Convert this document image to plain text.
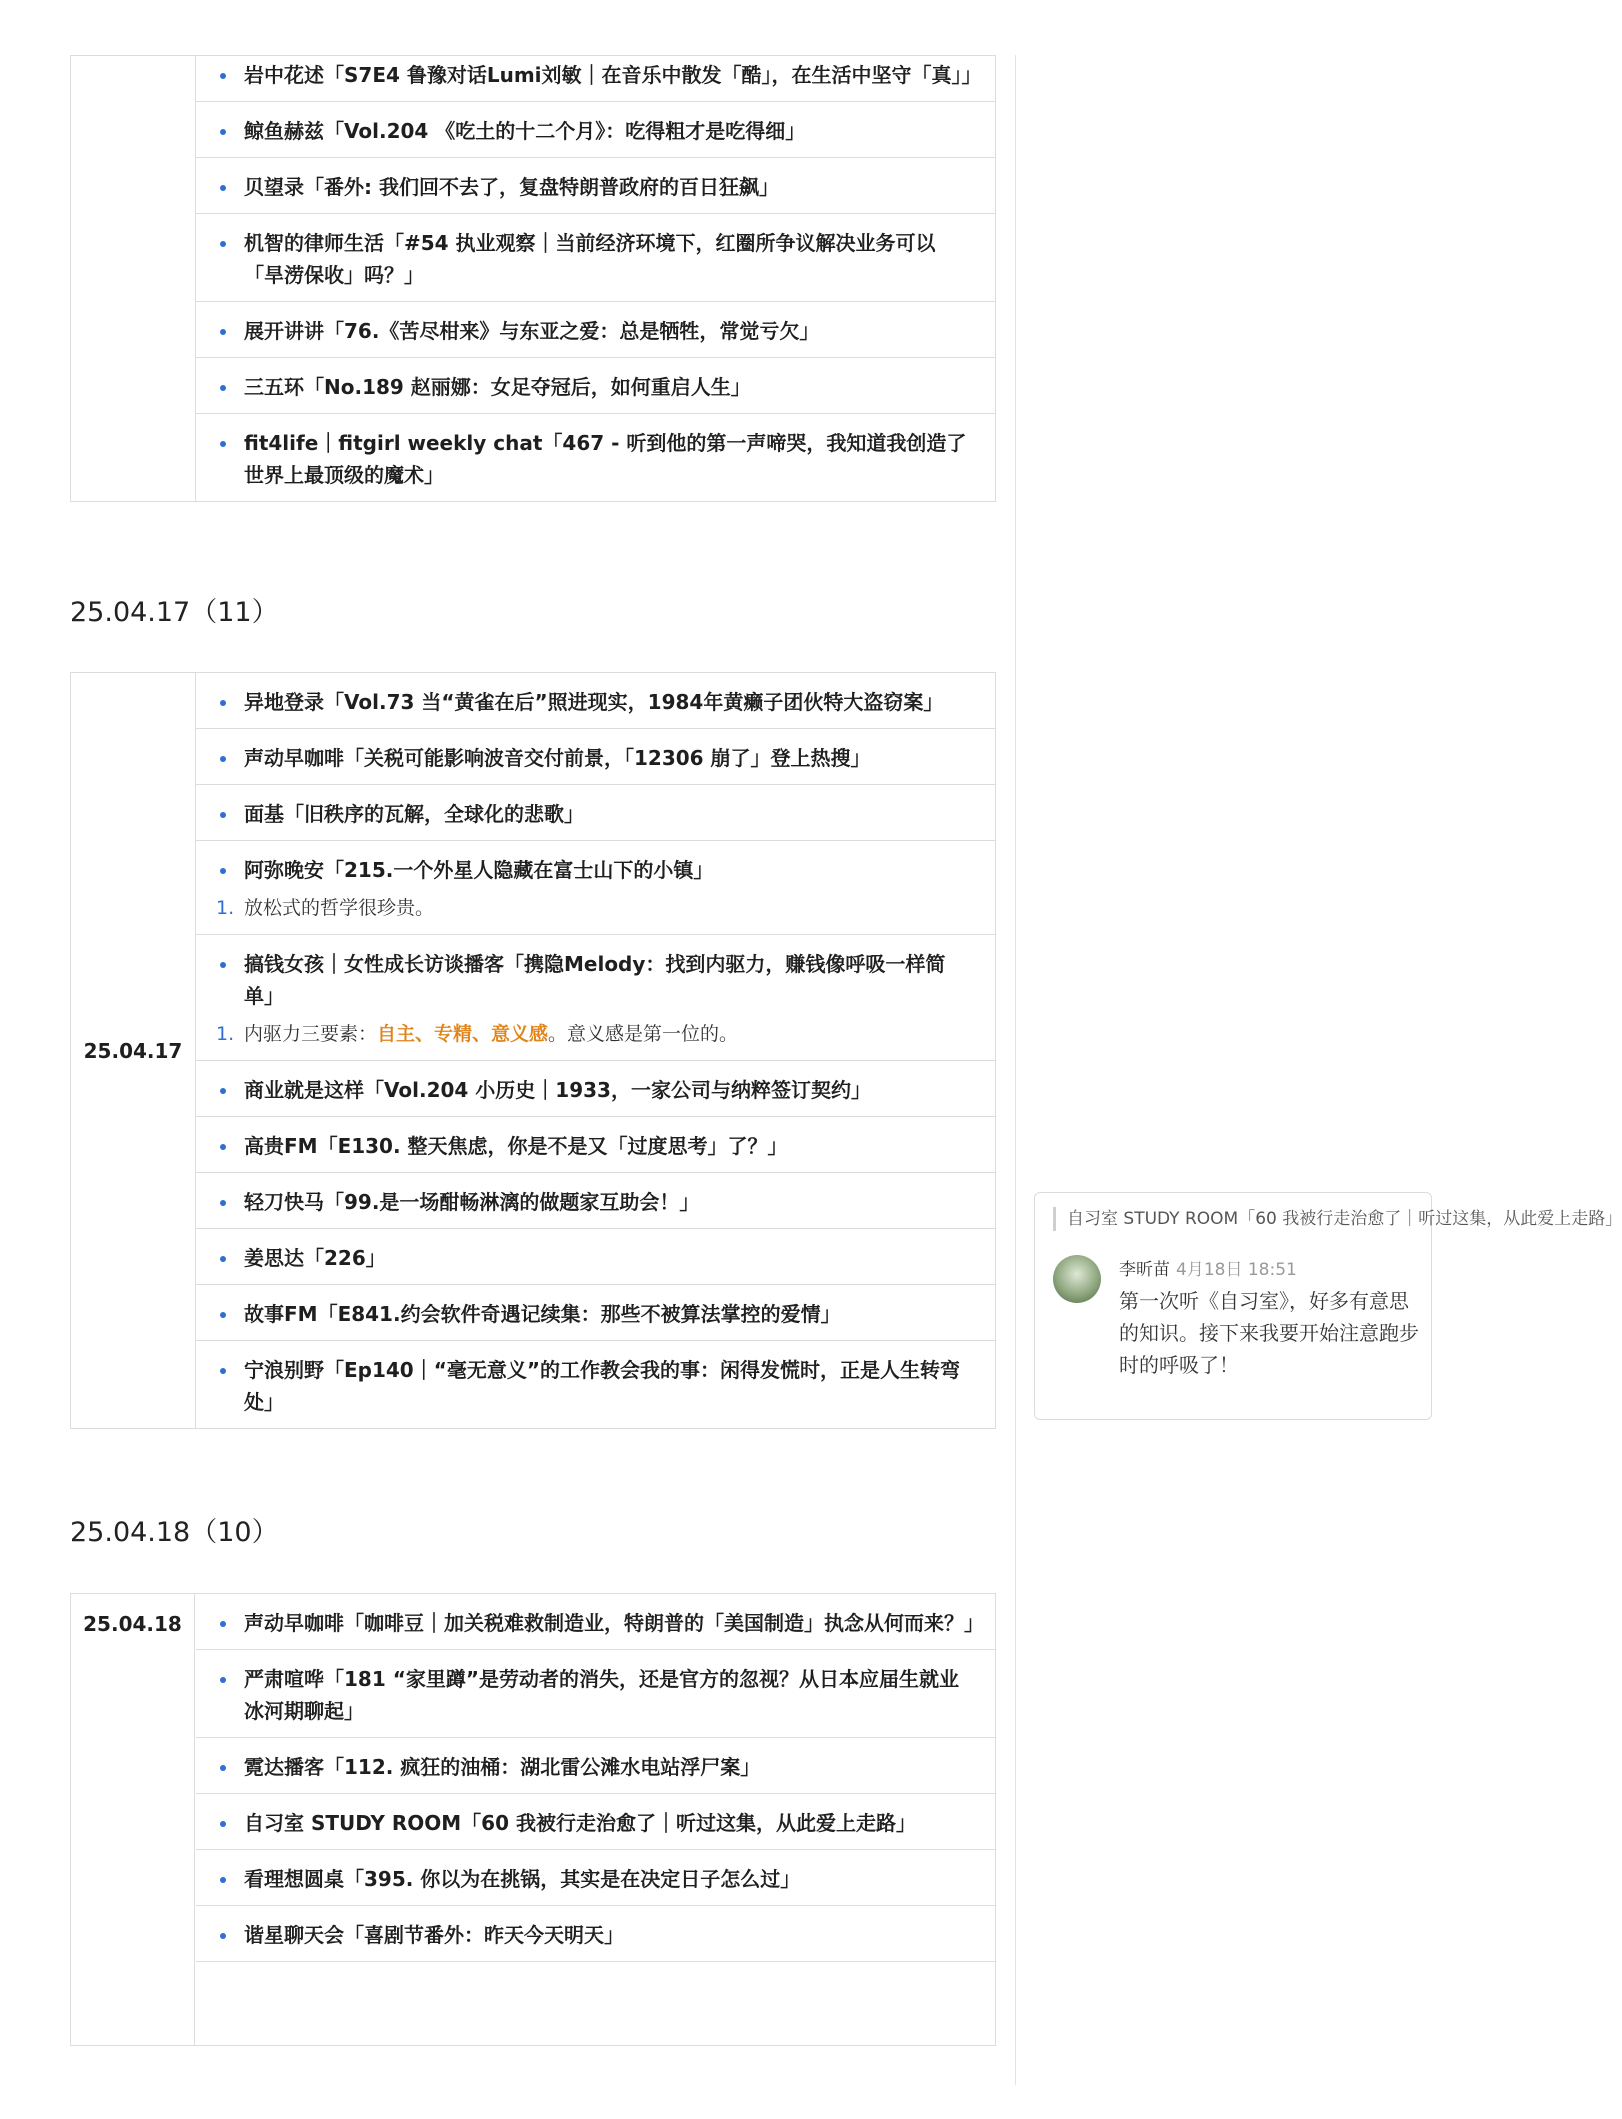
岩中花述「S7E4 鲁豫对话Lumi刘敏｜在音乐中散发「酷」，在生活中坚守「真」」
鲸鱼赫兹「Vol.204 《吃土的十二个月》：吃得粗才是吃得细」
贝望录「番外: 我们回不去了，复盘特朗普政府的百日狂飙」
机智的律师生活「#54 执业观察｜当前经济环境下，红圈所争议解决业务可以「旱涝保收」吗？」
展开讲讲「76.《苦尽柑来》与东亚之爱：总是牺牲，常觉亏欠」
三五环「No.189 赵丽娜：女足夺冠后，如何重启人生」
fit4life｜fitgirl weekly chat「467 - 听到他的第一声啼哭，我知道我创造了世界上最顶级的魔术」
25.04.17（11）
25.04.17
异地登录「Vol.73 当“黄雀在后”照进现实，1984年黄癞子团伙特大盗窃案」
声动早咖啡「关税可能影响波音交付前景，「12306 崩了」登上热搜」
面基「旧秩序的瓦解，全球化的悲歌」
阿弥晚安「215.一个外星人隐藏在富士山下的小镇」
1. 放松式的哲学很珍贵。
搞钱女孩｜女性成长访谈播客「携隐Melody：找到内驱力，赚钱像呼吸一样简单」
1. 内驱力三要素：自主、专精、意义感。意义感是第一位的。
商业就是这样「Vol.204 小历史｜1933，一家公司与纳粹签订契约」
高贵FM「E130. 整天焦虑，你是不是又「过度思考」了？」
轻刀快马「99.是一场酣畅淋漓的做题家互助会！」
姜思达「226」
故事FM「E841.约会软件奇遇记续集：那些不被算法掌控的爱情」
宁浪别野「Ep140｜“毫无意义”的工作教会我的事：闲得发慌时，正是人生转弯处」
25.04.18（10）
25.04.18	声动早咖啡「咖啡豆｜加关税难救制造业，特朗普的「美国制造」执念从何而来？」
严肃喧哗「181 “家里蹲”是劳动者的消失，还是官方的忽视？从日本应届生就业冰河期聊起」
霓达播客「112. 疯狂的油桶：湖北雷公滩水电站浮尸案」
自习室 STUDY ROOM「60 我被行走治愈了｜听过这集，从此爱上走路」
看理想圆桌「395. 你以为在挑锅，其实是在决定日子怎么过」
谐星聊天会「喜剧节番外：昨天今天明天」
自习室 STUDY ROOM「60 我被行走治愈了｜听过这集，从此爱上走路」
李昕苗 4月18日 18:51
第一次听《自习室》，好多有意思的知识。接下来我要开始注意跑步时的呼吸了！
